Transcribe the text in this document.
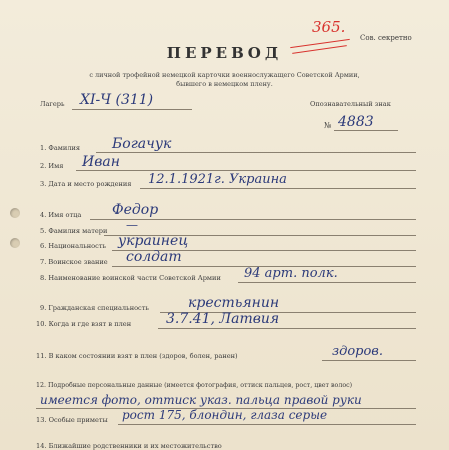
365.
Сов. секретно
ПЕРЕВОД
с личной трофейной немецкой карточки военнослужащего Советской Армии,
бывшего в немецком плену.
Лагерь XI-Ч (311)	Опознавательный знак
№ 4883
1. Фамилия Богачук
2. Имя Иван
3. Дата и место рождения 12.1.1921г. Украина
4. Имя отца Федор
5. Фамилия матери —
6. Национальность украинец
7. Воинское звание солдат
8. Наименование воинской части Советской Армии 94 арт. полк.
9. Гражданская специальность	крестьянин
10. Когда и где взят в плен 3.7.41, Латвия
11. В каком состоянии взят в плен (здоров, болен, ранен)	здоров.
12. Подробные персональные данные (имеется фотография, оттиск пальцев, рост, цвет волос)
имеется фото, оттиск указ. пальца правой руки
13. Особые приметы рост 175, блондин, глаза серые
14. Ближайшие родственники и их местожительство
